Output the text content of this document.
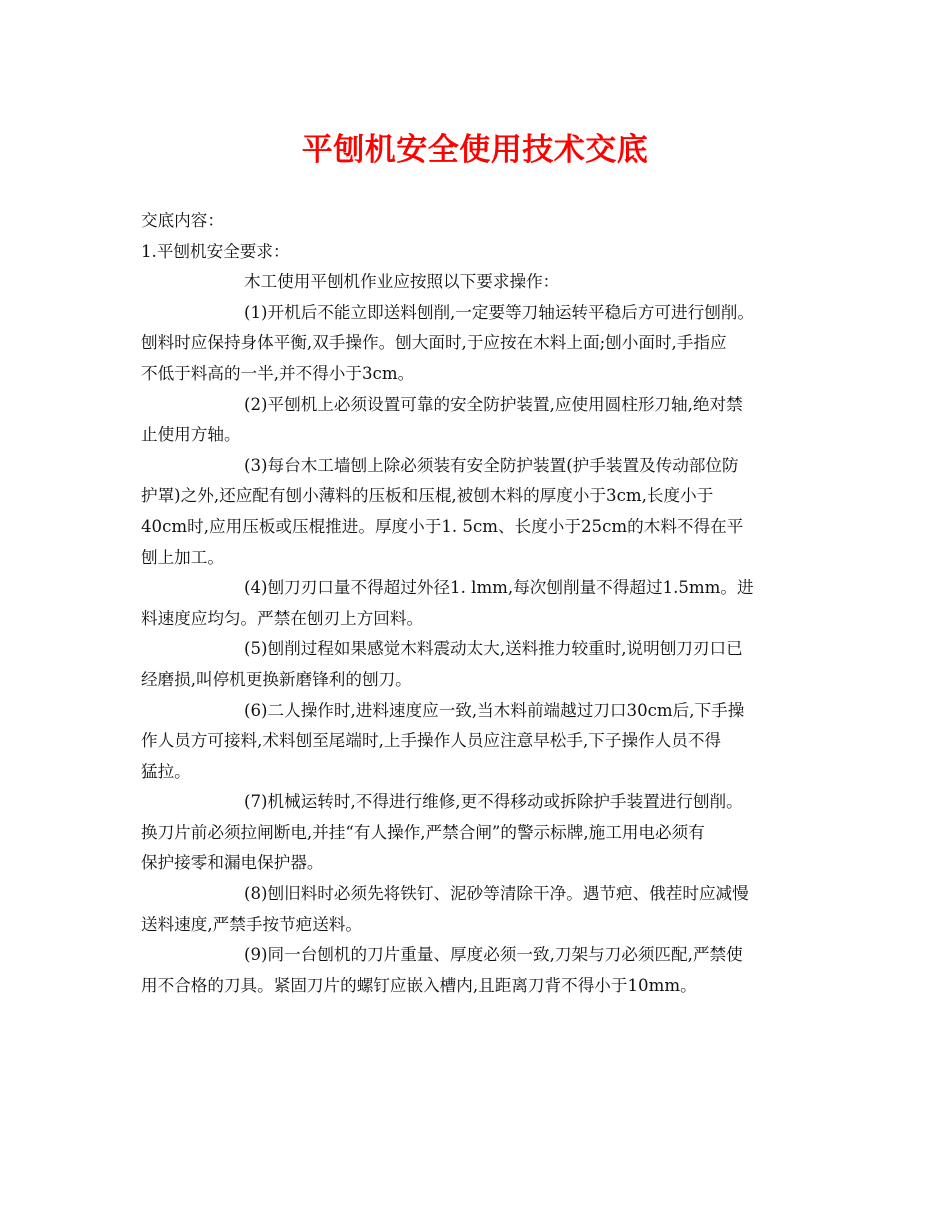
平刨机安全使用技术交底

交底内容：

1.平刨机安全要求：

木工使用平刨机作业应按照以下要求操作：

(1)开机后不能立即送料刨削,一定要等刀轴运转平稳后方可进行刨削。

刨料时应保持身体平衡,双手操作。刨大面时,于应按在木料上面;刨小面时,手指应

不低于料高的一半,并不得小于3cm。

(2)平刨机上必须设置可靠的安全防护装置,应使用圆柱形刀轴,绝对禁

止使用方轴。

(3)每台木工墙刨上除必须装有安全防护装置(护手装置及传动部位防

护罩)之外,还应配有刨小薄料的压板和压棍,被刨木料的厚度小于3cm,长度小于

40cm时,应用压板或压棍推进。厚度小于1. 5cm、长度小于25cm的木料不得在平

刨上加工。

(4)刨刀刃口量不得超过外径1. lmm,每次刨削量不得超过1.5mm。进

料速度应均匀。严禁在刨刃上方回料。

(5)刨削过程如果感觉木料震动太大,送料推力较重时,说明刨刀刃口已

经磨损,叫停机更换新磨锋利的刨刀。

(6)二人操作时,进料速度应一致,当木料前端越过刀口30cm后,下手操

作人员方可接料,术料刨至尾端时,上手操作人员应注意早松手,下子操作人员不得

猛拉。

(7)机械运转时,不得进行维修,更不得移动或拆除护手装置进行刨削。

换刀片前必须拉闸断电,并挂“有人操作,严禁合闸”的警示标牌,施工用电必须有

保护接零和漏电保护器。

(8)刨旧料时必须先将铁钉、泥砂等清除干净。遇节疤、俄茬时应减慢

送料速度,严禁手按节疤送料。

(9)同一台刨机的刀片重量、厚度必须一致,刀架与刀必须匹配,严禁使

用不合格的刀具。紧固刀片的螺钉应嵌入槽内,且距离刀背不得小于10mm。
